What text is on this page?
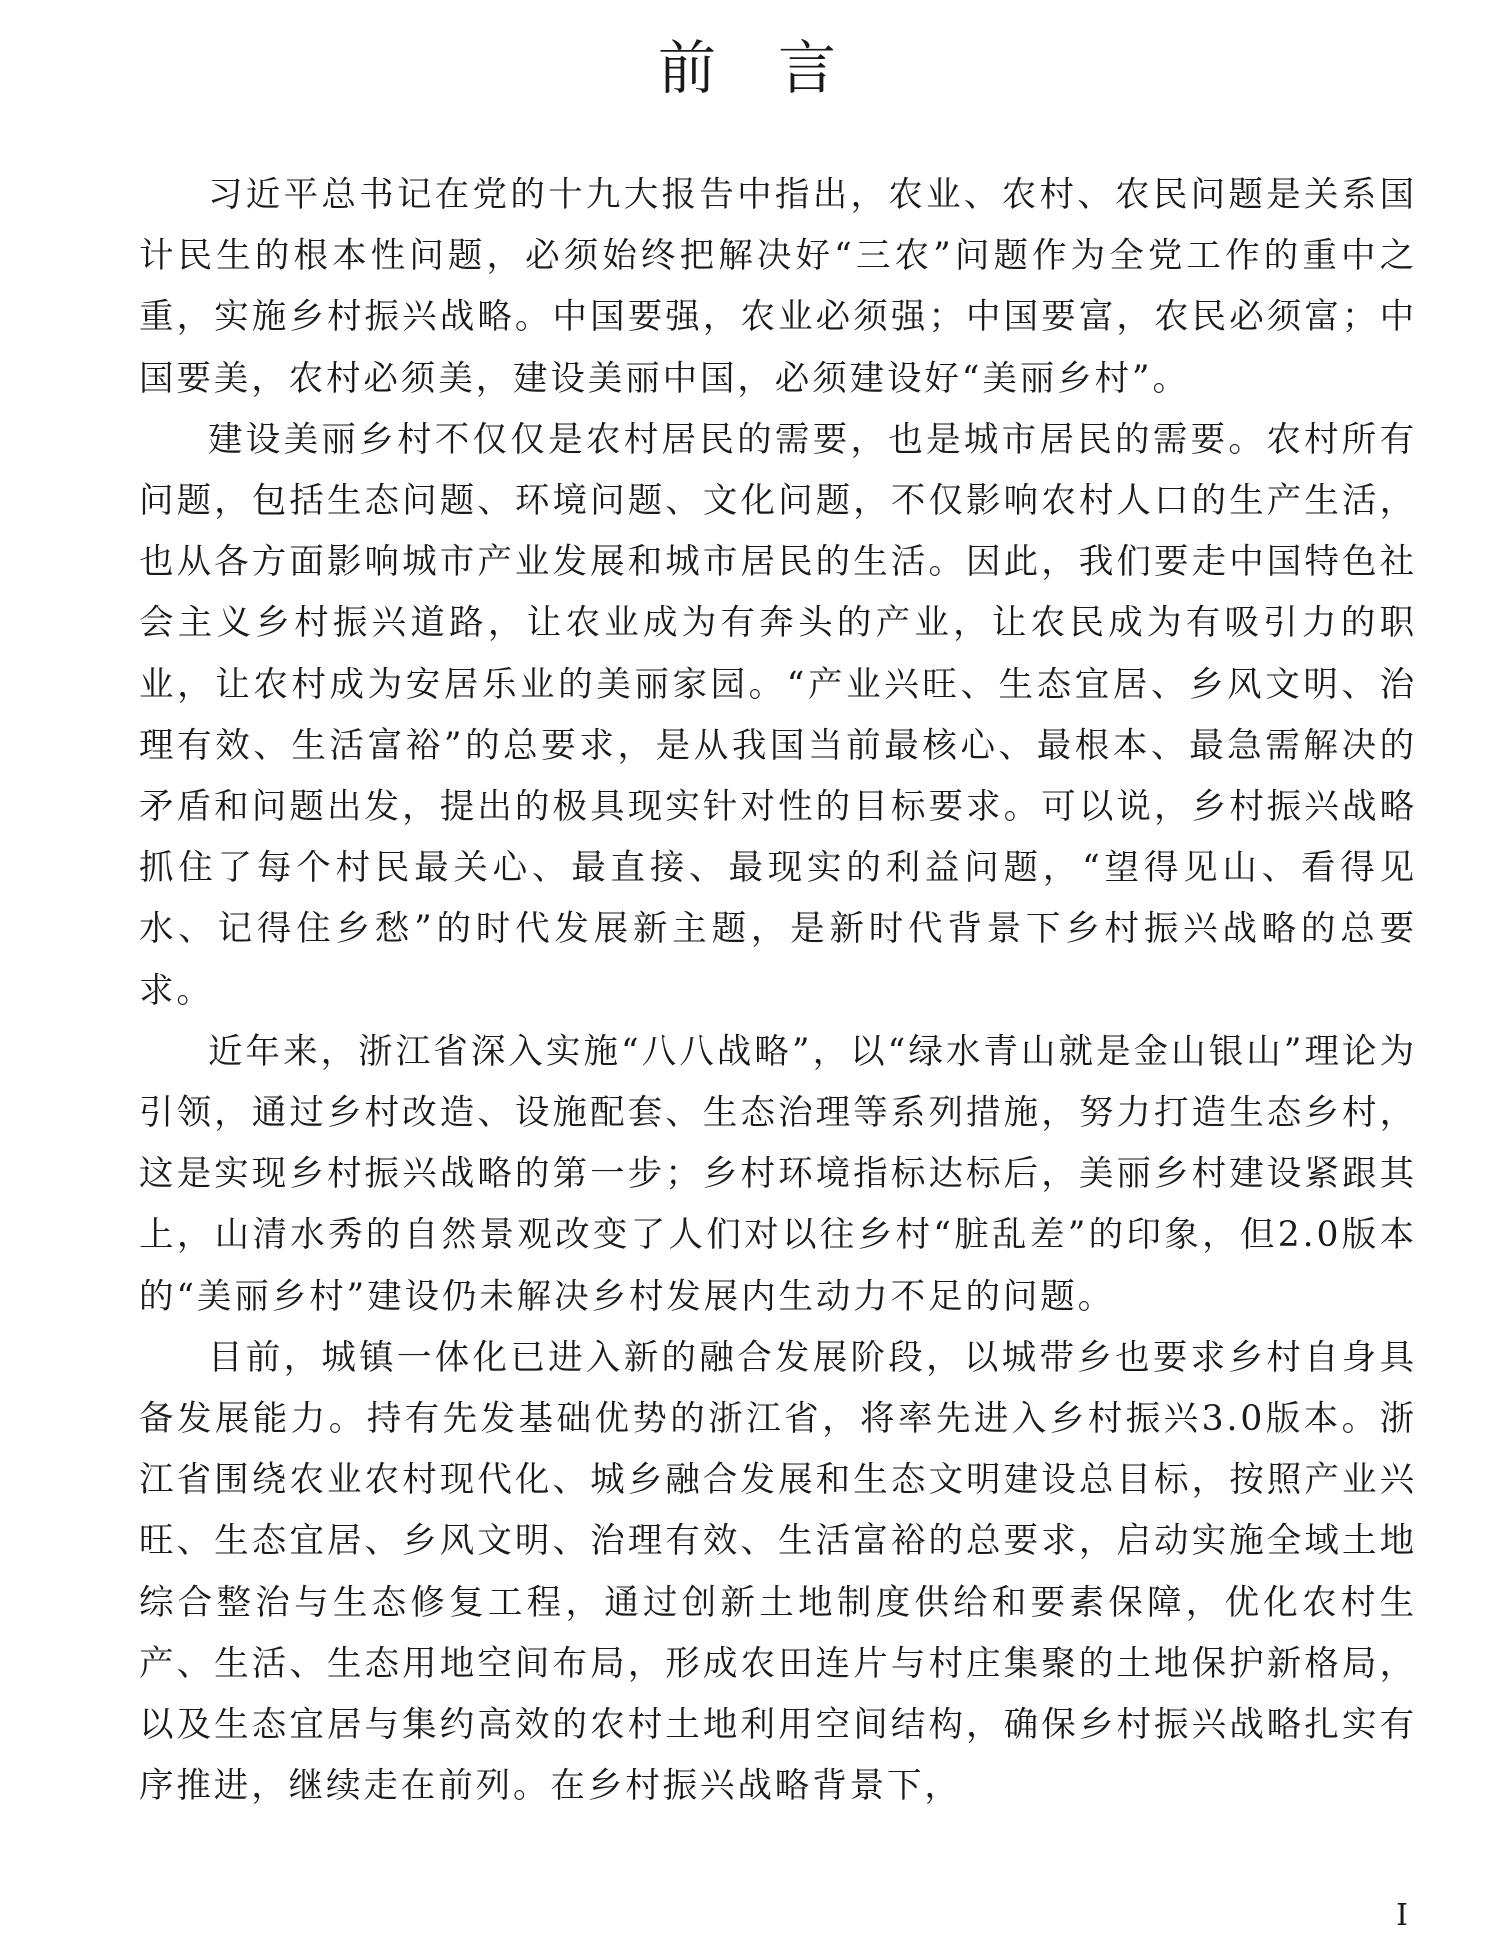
前言

习近平总书记在党的十九大报告中指出，农业、农村、农民问题是关系国计民生的根本性问题，必须始终把解决好“三农”问题作为全党工作的重中之重，实施乡村振兴战略。中国要强，农业必须强；中国要富，农民必须富；中国要美，农村必须美，建设美丽中国，必须建设好“美丽乡村”。

建设美丽乡村不仅仅是农村居民的需要，也是城市居民的需要。农村所有问题，包括生态问题、环境问题、文化问题，不仅影响农村人口的生产生活，也从各方面影响城市产业发展和城市居民的生活。因此，我们要走中国特色社会主义乡村振兴道路，让农业成为有奔头的产业，让农民成为有吸引力的职业，让农村成为安居乐业的美丽家园。“产业兴旺、生态宜居、乡风文明、治理有效、生活富裕”的总要求，是从我国当前最核心、最根本、最急需解决的矛盾和问题出发，提出的极具现实针对性的目标要求。可以说，乡村振兴战略抓住了每个村民最关心、最直接、最现实的利益问题，“望得见山、看得见水、记得住乡愁”的时代发展新主题，是新时代背景下乡村振兴战略的总要求。

近年来，浙江省深入实施“八八战略”，以“绿水青山就是金山银山”理论为引领，通过乡村改造、设施配套、生态治理等系列措施，努力打造生态乡村，这是实现乡村振兴战略的第一步；乡村环境指标达标后，美丽乡村建设紧跟其上，山清水秀的自然景观改变了人们对以往乡村“脏乱差”的印象，但2.0版本的“美丽乡村”建设仍未解决乡村发展内生动力不足的问题。

目前，城镇一体化已进入新的融合发展阶段，以城带乡也要求乡村自身具备发展能力。持有先发基础优势的浙江省，将率先进入乡村振兴3.0版本。浙江省围绕农业农村现代化、城乡融合发展和生态文明建设总目标，按照产业兴旺、生态宜居、乡风文明、治理有效、生活富裕的总要求，启动实施全域土地综合整治与生态修复工程，通过创新土地制度供给和要素保障，优化农村生产、生活、生态用地空间布局，形成农田连片与村庄集聚的土地保护新格局，以及生态宜居与集约高效的农村土地利用空间结构，确保乡村振兴战略扎实有序推进，继续走在前列。在乡村振兴战略背景下，

I
